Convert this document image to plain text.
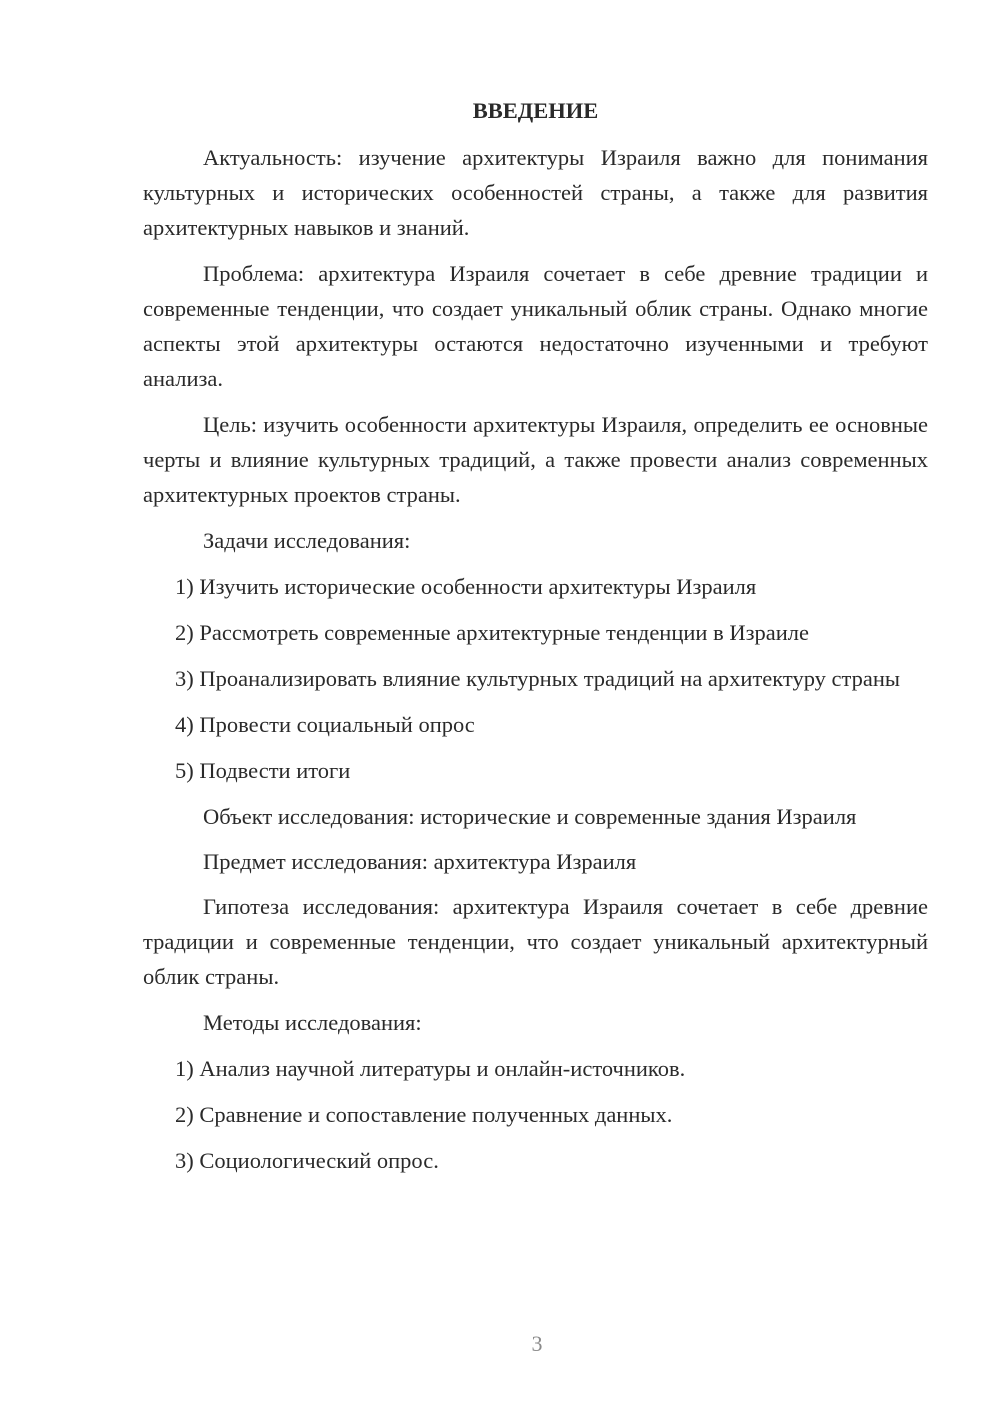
ВВЕДЕНИЕ

Актуальность: изучение архитектуры Израиля важно для понимания культурных и исторических особенностей страны, а также для развития архитектурных навыков и знаний.

Проблема: архитектура Израиля сочетает в себе древние традиции и современные тенденции, что создает уникальный облик страны. Однако многие аспекты этой архитектуры остаются недостаточно изученными и требуют анализа.

Цель: изучить особенности архитектуры Израиля, определить ее основные черты и влияние культурных традиций, а также провести анализ современных архитектурных проектов страны.

Задачи исследования:

1) Изучить исторические особенности архитектуры Израиля

2) Рассмотреть современные архитектурные тенденции в Израиле

3) Проанализировать влияние культурных традиций на архитектуру страны

4) Провести социальный опрос

5) Подвести итоги

Объект исследования: исторические и современные здания Израиля

Предмет исследования: архитектура Израиля

Гипотеза исследования: архитектура Израиля сочетает в себе древние традиции и современные тенденции, что создает уникальный архитектурный облик страны.

Методы исследования:

1) Анализ научной литературы и онлайн-источников.

2) Сравнение и сопоставление полученных данных.

3) Социологический опрос.

3
